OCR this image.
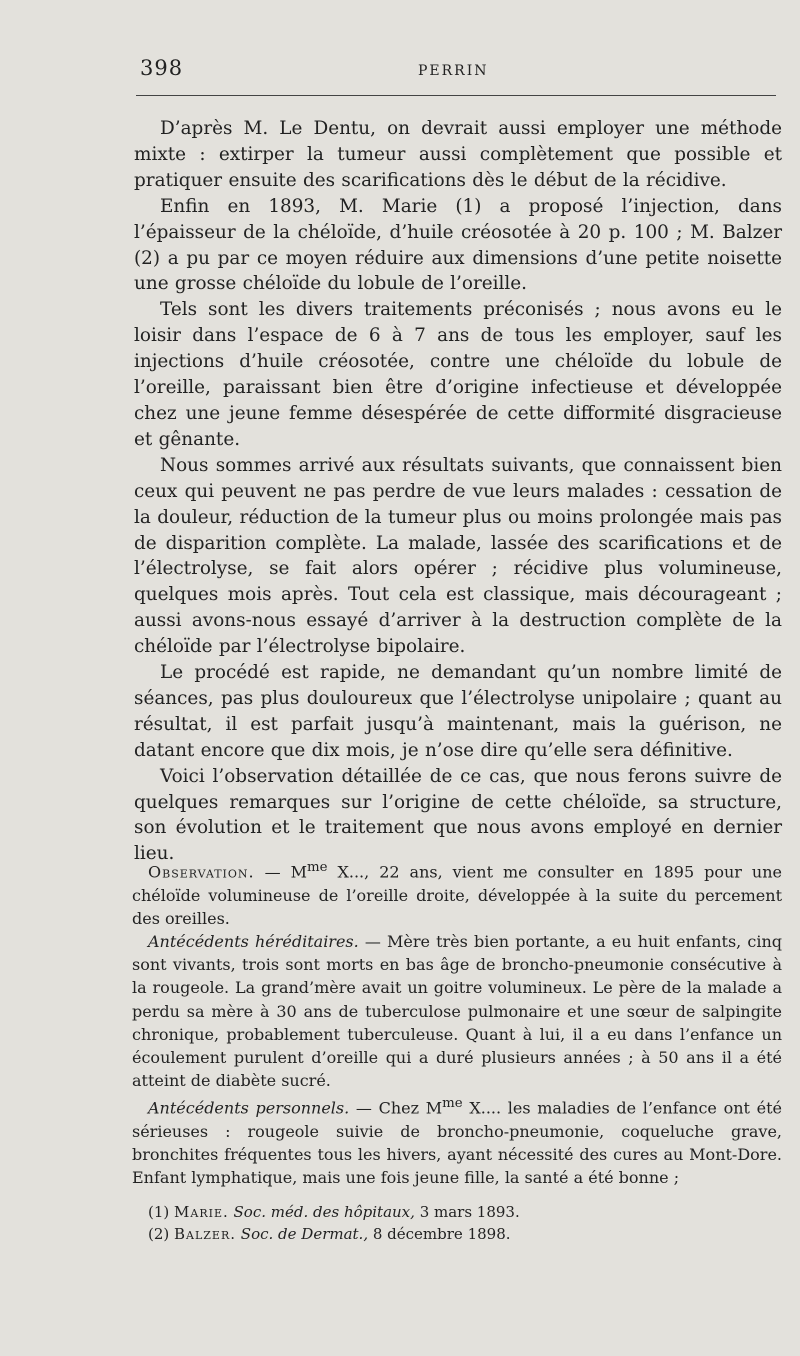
398	PERRIN

D’après M. Le Dentu, on devrait aussi employer une méthode mixte : extirper la tumeur aussi complètement que possible et pratiquer ensuite des scarifications dès le début de la récidive.

Enfin en 1893, M. Marie (1) a proposé l’injection, dans l’épaisseur de la chéloïde, d’huile créosotée à 20 p. 100 ; M. Balzer (2) a pu par ce moyen réduire aux dimensions d’une petite noisette une grosse chéloïde du lobule de l’oreille.

Tels sont les divers traitements préconisés ; nous avons eu le loisir dans l’espace de 6 à 7 ans de tous les employer, sauf les injections d’huile créosotée, contre une chéloïde du lobule de l’oreille, paraissant bien être d’origine infectieuse et développée chez une jeune femme désespérée de cette difformité disgracieuse et gênante.

Nous sommes arrivé aux résultats suivants, que connaissent bien ceux qui peuvent ne pas perdre de vue leurs malades : cessation de la douleur, réduction de la tumeur plus ou moins prolongée mais pas de disparition complète. La malade, lassée des scarifications et de l’électrolyse, se fait alors opérer ; récidive plus volumineuse, quelques mois après. Tout cela est classique, mais décourageant ; aussi avons-nous essayé d’arriver à la destruction complète de la chéloïde par l’électrolyse bipolaire.

Le procédé est rapide, ne demandant qu’un nombre limité de séances, pas plus douloureux que l’électrolyse unipolaire ; quant au résultat, il est parfait jusqu’à maintenant, mais la guérison, ne datant encore que dix mois, je n’ose dire qu’elle sera définitive.

Voici l’observation détaillée de ce cas, que nous ferons suivre de quelques remarques sur l’origine de cette chéloïde, sa structure, son évolution et le traitement que nous avons employé en dernier lieu.

Observation. — $M^{me}$ X..., 22 ans, vient me consulter en 1895 pour une chéloïde volumineuse de l’oreille droite, développée à la suite du percement des oreilles.

Antécédents héréditaires. — Mère très bien portante, a eu huit enfants, cinq sont vivants, trois sont morts en bas âge de broncho-pneumonie consécutive à la rougeole. La grand’mère avait un goitre volumineux. Le père de la malade a perdu sa mère à 30 ans de tuberculose pulmonaire et une sœur de salpingite chronique, probablement tuberculeuse. Quant à lui, il a eu dans l’enfance un écoulement purulent d’oreille qui a duré plusieurs années ; à 50 ans il a été atteint de diabète sucré.

Antécédents personnels. — Chez $M^{me}$ X.... les maladies de l’enfance ont été sérieuses : rougeole suivie de broncho-pneumonie, coqueluche grave, bronchites fréquentes tous les hivers, ayant nécessité des cures au Mont-Dore. Enfant lymphatique, mais une fois jeune fille, la santé a été bonne ;

(1) Marie. Soc. méd. des hôpitaux, 3 mars 1893.

(2) Balzer. Soc. de Dermat., 8 décembre 1898.
